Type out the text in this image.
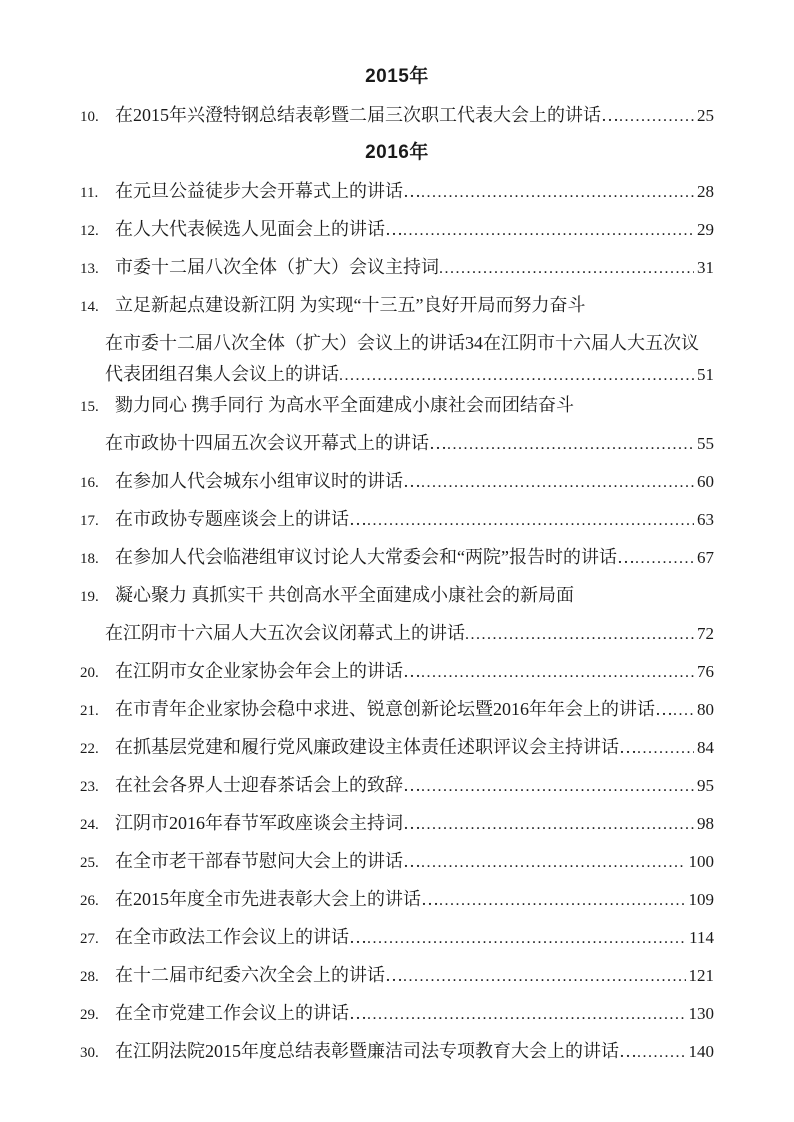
2015年
10. 在2015年兴澄特钢总结表彰暨二届三次职工代表大会上的讲话… .....	25
2016年
11. 在元旦公益徒步大会开幕式上的讲话… .....	28
12. 在人大代表候选人见面会上的讲话… .....	29
13. 市委十二届八次全体（扩大）会议主持词 .....	31
14. 立足新起点建设新江阴 为实现“十三五”良好开局而努力奋斗
在市委十二届八次全体（扩大）会议上的讲话34在江阴市十六届人大五次议
代表团组召集人会议上的讲话 .....	51
15. 勠力同心 携手同行 为高水平全面建成小康社会而团结奋斗
在市政协十四届五次会议开幕式上的讲话… .....	55
16. 在参加人代会城东小组审议时的讲话… .....	60
17. 在市政协专题座谈会上的讲话… .....	63
18. 在参加人代会临港组审议讨论人大常委会和“两院”报告时的讲话… .....	67
19. 凝心聚力 真抓实干 共创高水平全面建成小康社会的新局面
在江阴市十六届人大五次会议闭幕式上的讲话 .....	72
20. 在江阴市女企业家协会年会上的讲话… .....	76
21. 在市青年企业家协会稳中求进、锐意创新论坛暨2016年年会上的讲话… ..... 80
22. 在抓基层党建和履行党风廉政建设主体责任述职评议会主持讲话… .....	84
23. 在社会各界人士迎春茶话会上的致辞… .....	95
24. 江阴市2016年春节军政座谈会主持词… .....	98
25. 在全市老干部春节慰问大会上的讲话… .....	100
26. 在2015年度全市先进表彰大会上的讲话… .....	109
27. 在全市政法工作会议上的讲话… .....	114
28. 在十二届市纪委六次全会上的讲话… .....	121
29. 在全市党建工作会议上的讲话… .....	130
30. 在江阴法院2015年度总结表彰暨廉洁司法专项教育大会上的讲话… .....	140
